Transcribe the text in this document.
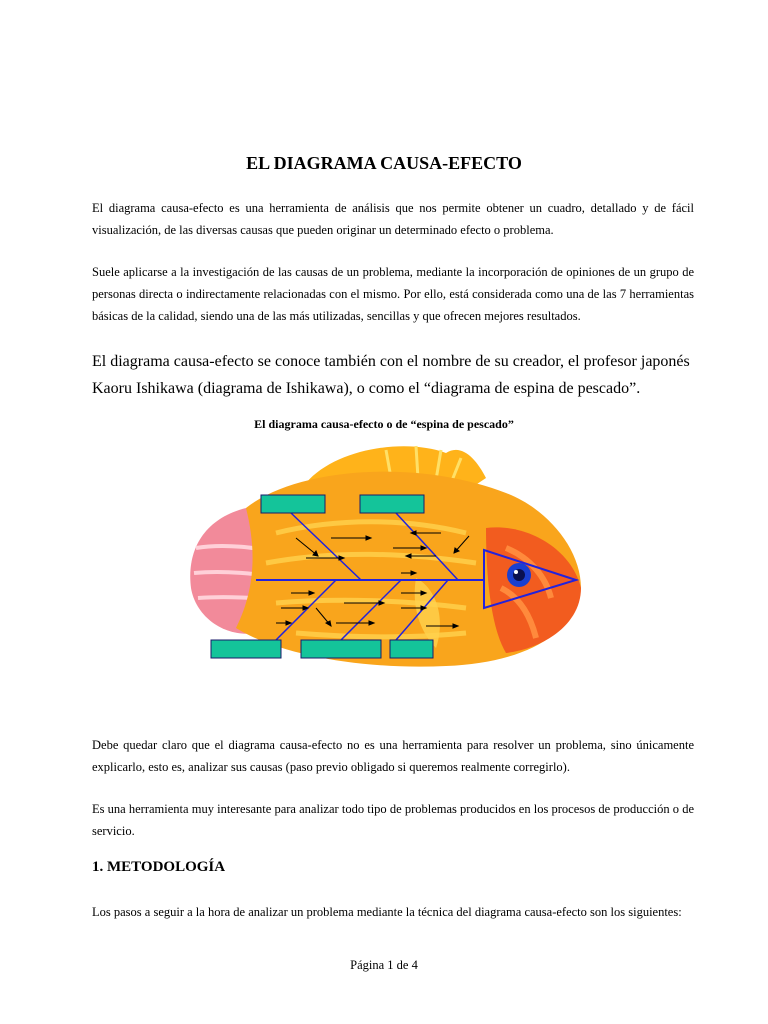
EL DIAGRAMA CAUSA-EFECTO

El diagrama causa-efecto es una herramienta de análisis que nos permite obtener un cuadro, detallado y de fácil visualización, de las diversas causas que pueden originar un determinado efecto o problema.

Suele aplicarse a la investigación de las causas de un problema, mediante la incorporación de opiniones de un grupo de personas directa o indirectamente relacionadas con el mismo. Por ello, está considerada como una de las 7 herramientas básicas de la calidad, siendo una de las más utilizadas, sencillas y que ofrecen mejores resultados.

El diagrama causa-efecto se conoce también con el nombre de su creador, el profesor japonés Kaoru Ishikawa (diagrama de Ishikawa), o como el “diagrama de espina de pescado”.

El diagrama causa-efecto o de “espina de pescado”

Debe quedar claro que el diagrama causa-efecto no es una herramienta para resolver un problema, sino únicamente explicarlo, esto es, analizar sus causas (paso previo obligado si queremos realmente corregirlo).

Es una herramienta muy interesante para analizar todo tipo de problemas producidos en los procesos de producción o de servicio.

1. METODOLOGÍA

Los pasos a seguir a la hora de analizar un problema mediante la técnica del diagrama causa-efecto son los siguientes:

Página 1 de 4
